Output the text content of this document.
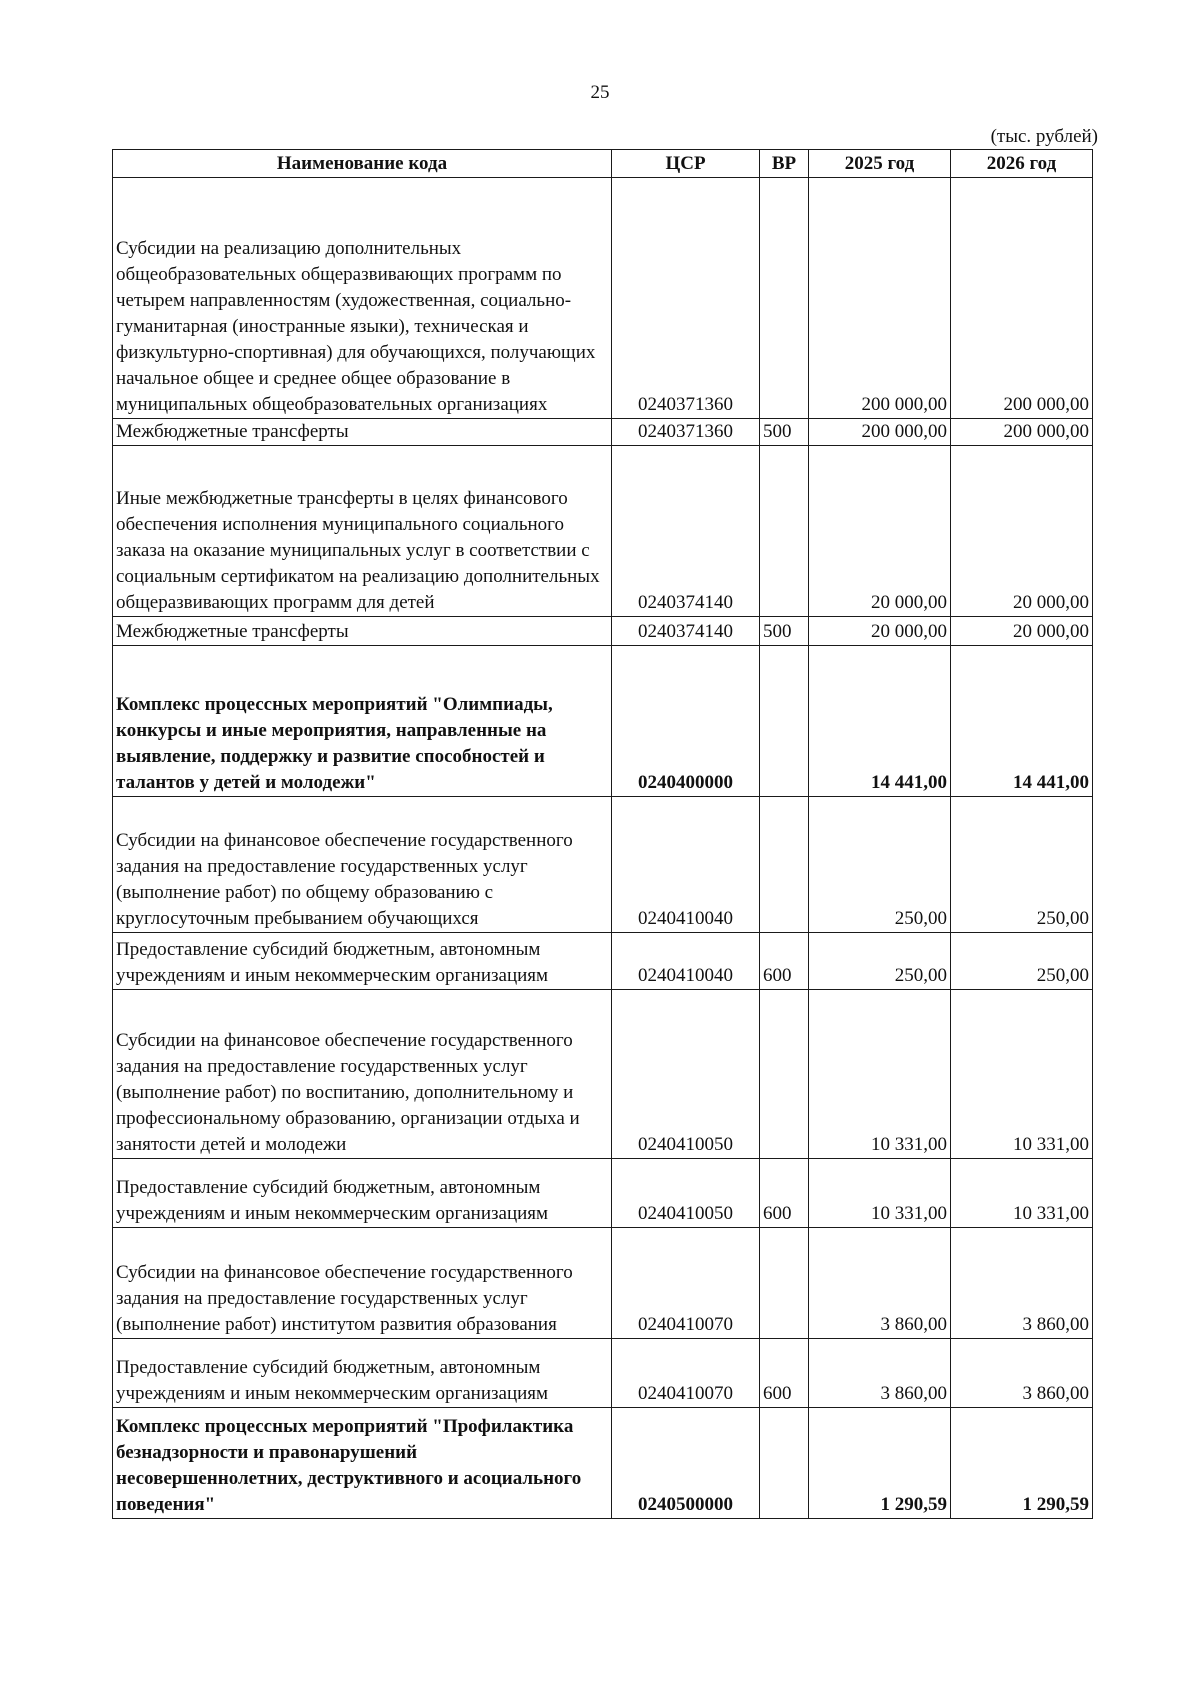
25
(тыс. рублей)
Наименование кода	ЦСР	ВР	2025 год	2026 год
Субсидии на реализацию дополнительных общеобразовательных общеразвивающих программ по четырем направленностям (художественная, социально-гуманитарная (иностранные языки), техническая и физкультурно-спортивная) для обучающихся, получающих начальное общее и среднее общее образование в муниципальных общеобразовательных организациях	0240371360		200 000,00	200 000,00
Межбюджетные трансферты	0240371360	500	200 000,00	200 000,00
Иные межбюджетные трансферты в целях финансового обеспечения исполнения муниципального социального заказа на оказание муниципальных услуг в соответствии с социальным сертификатом на реализацию дополнительных общеразвивающих программ для детей	0240374140		20 000,00	20 000,00
Межбюджетные трансферты	0240374140	500	20 000,00	20 000,00
Комплекс процессных мероприятий "Олимпиады, конкурсы и иные мероприятия, направленные на выявление, поддержку и развитие способностей и талантов у детей и молодежи"	0240400000		14 441,00	14 441,00
Субсидии на финансовое обеспечение государственного задания на предоставление государственных услуг (выполнение работ) по общему образованию с круглосуточным пребыванием обучающихся	0240410040		250,00	250,00
Предоставление субсидий бюджетным, автономным учреждениям и иным некоммерческим организациям	0240410040	600	250,00	250,00
Субсидии на финансовое обеспечение государственного задания на предоставление государственных услуг (выполнение работ) по воспитанию, дополнительному и профессиональному образованию, организации отдыха и занятости детей и молодежи	0240410050		10 331,00	10 331,00
Предоставление субсидий бюджетным, автономным учреждениям и иным некоммерческим организациям	0240410050	600	10 331,00	10 331,00
Субсидии на финансовое обеспечение государственного задания на предоставление государственных услуг (выполнение работ) институтом развития образования	0240410070		3 860,00	3 860,00
Предоставление субсидий бюджетным, автономным учреждениям и иным некоммерческим организациям	0240410070	600	3 860,00	3 860,00
Комплекс процессных мероприятий "Профилактика безнадзорности и правонарушений несовершеннолетних, деструктивного и асоциального поведения"	0240500000		1 290,59	1 290,59
